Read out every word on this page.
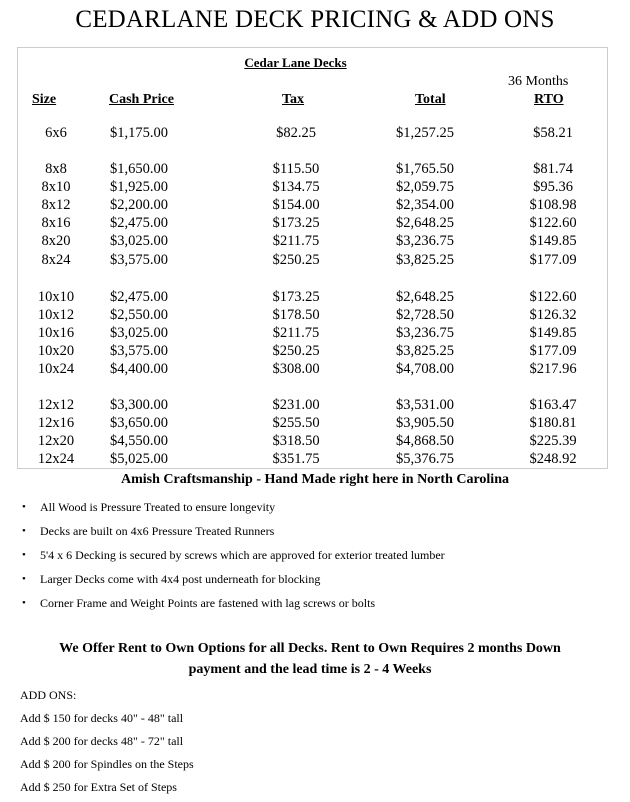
CEDARLANE DECK PRICING & ADD ONS
Cedar Lane Decks
36 Months
Size	Cash Price	Tax	Total	RTO
6x6	$1,175.00	$82.25	$1,257.25	$58.21
8x8	$1,650.00	$115.50	$1,765.50	$81.74
8x10	$1,925.00	$134.75	$2,059.75	$95.36
8x12	$2,200.00	$154.00	$2,354.00	$108.98
8x16	$2,475.00	$173.25	$2,648.25	$122.60
8x20	$3,025.00	$211.75	$3,236.75	$149.85
8x24	$3,575.00	$250.25	$3,825.25	$177.09
10x10	$2,475.00	$173.25	$2,648.25	$122.60
10x12	$2,550.00	$178.50	$2,728.50	$126.32
10x16	$3,025.00	$211.75	$3,236.75	$149.85
10x20	$3,575.00	$250.25	$3,825.25	$177.09
10x24	$4,400.00	$308.00	$4,708.00	$217.96
12x12	$3,300.00	$231.00	$3,531.00	$163.47
12x16	$3,650.00	$255.50	$3,905.50	$180.81
12x20	$4,550.00	$318.50	$4,868.50	$225.39
12x24	$5,025.00	$351.75	$5,376.75	$248.92
Amish Craftsmanship - Hand Made right here in North Carolina
• All Wood is Pressure Treated to ensure longevity
• Decks are built on 4x6 Pressure Treated Runners
• 5'4 x 6 Decking is secured by screws which are approved for exterior treated lumber
• Larger Decks come with 4x4 post underneath for blocking
• Corner Frame and Weight Points are fastened with lag screws or bolts
We Offer Rent to Own Options for all Decks. Rent to Own Requires 2 months Down
payment and the lead time is 2 - 4 Weeks
ADD ONS:
Add $ 150 for decks 40" - 48" tall
Add $ 200 for decks 48" - 72" tall
Add $ 200 for Spindles on the Steps
Add $ 250 for Extra Set of Steps
